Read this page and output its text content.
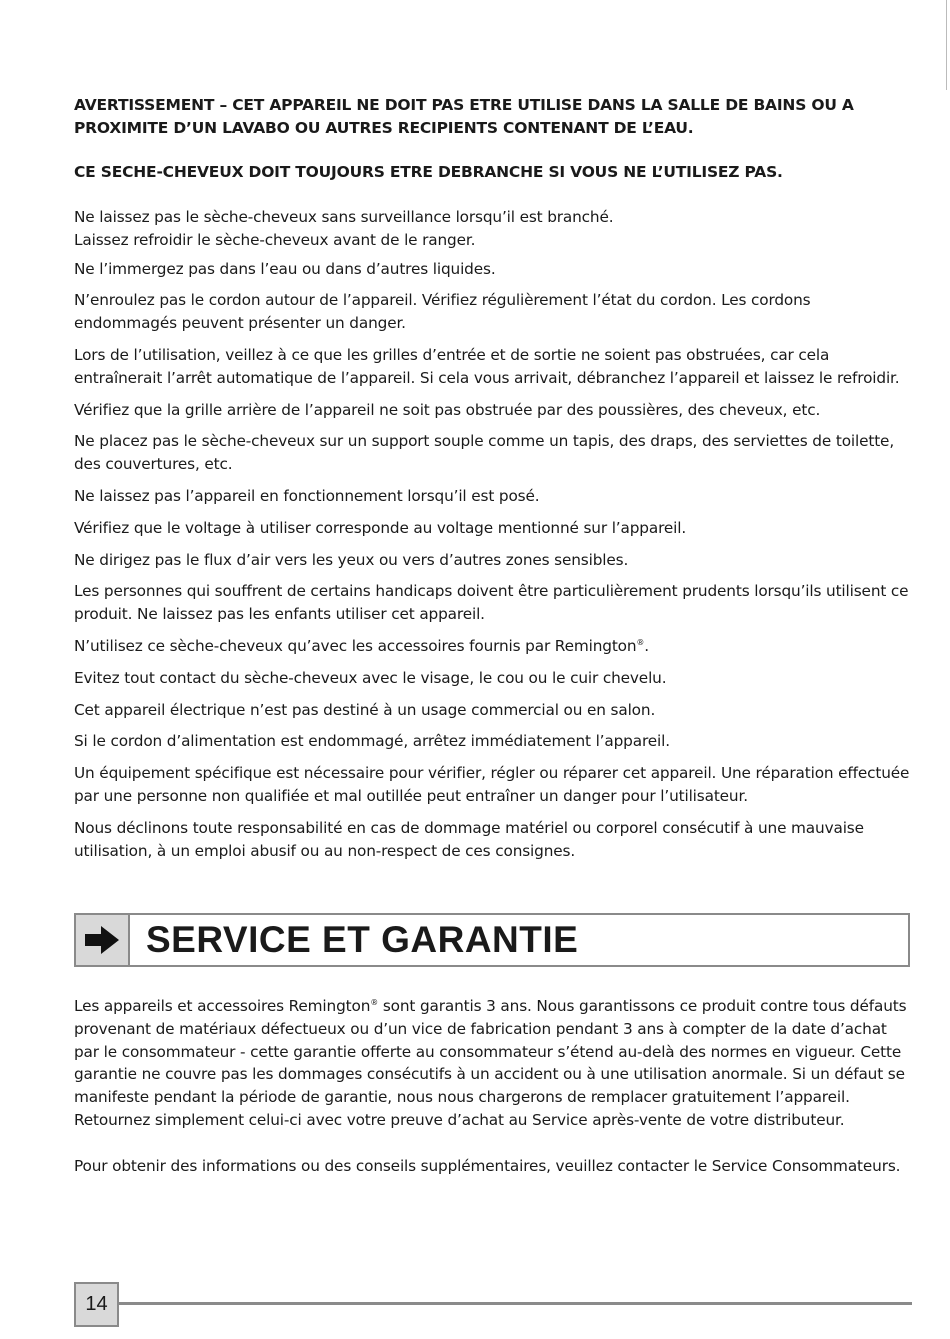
AVERTISSEMENT – CET APPAREIL NE DOIT PAS ETRE UTILISE DANS LA SALLE DE BAINS OU A PROXIMITE D’UN LAVABO OU AUTRES RECIPIENTS CONTENANT DE L’EAU.

CE SECHE-CHEVEUX DOIT TOUJOURS ETRE DEBRANCHE SI VOUS NE L’UTILISEZ PAS.

Ne laissez pas le sèche-cheveux sans surveillance lorsqu’il est branché.
Laissez refroidir le sèche-cheveux avant de le ranger.

Ne l’immergez pas dans l’eau ou dans d’autres liquides.

N’enroulez pas le cordon autour de l’appareil. Vérifiez régulièrement l’état du cordon. Les cordons endommagés peuvent présenter un danger.

Lors de l’utilisation, veillez à ce que les grilles d’entrée et de sortie ne soient pas obstruées, car cela entraînerait l’arrêt automatique de l’appareil. Si cela vous arrivait, débranchez l’appareil et laissez le refroidir.

Vérifiez que la grille arrière de l’appareil ne soit pas obstruée par des poussières, des cheveux, etc.

Ne placez pas le sèche-cheveux sur un support souple comme un tapis, des draps, des serviettes de toilette, des couvertures, etc.

Ne laissez pas l’appareil en fonctionnement lorsqu’il est posé.

Vérifiez que le voltage à utiliser corresponde au voltage mentionné sur l’appareil.

Ne dirigez pas le flux d’air vers les yeux ou vers d’autres zones sensibles.

Les personnes qui souffrent de certains handicaps doivent être particulièrement prudents lorsqu’ils utilisent ce produit. Ne laissez pas les enfants utiliser cet appareil.

N’utilisez ce sèche-cheveux qu’avec les accessoires fournis par Remington®.

Evitez tout contact du sèche-cheveux avec le visage, le cou ou le cuir chevelu.

Cet appareil électrique n’est pas destiné à un usage commercial ou en salon.

Si le cordon d’alimentation est endommagé, arrêtez immédiatement l’appareil.

Un équipement spécifique est nécessaire pour vérifier, régler ou réparer cet appareil. Une réparation effectuée par une personne non qualifiée et mal outillée peut entraîner un danger pour l’utilisateur.

Nous déclinons toute responsabilité en cas de dommage matériel ou corporel consécutif à une mauvaise utilisation, à un emploi abusif ou au non-respect de ces consignes.

SERVICE ET GARANTIE

Les appareils et accessoires Remington® sont garantis 3 ans. Nous garantissons ce produit contre tous défauts provenant de matériaux défectueux ou d’un vice de fabrication pendant 3 ans à compter de la date d’achat par le consommateur - cette garantie offerte au consommateur s’étend au-delà des normes en vigueur. Cette garantie ne couvre pas les dommages consécutifs à un accident ou à une utilisation anormale. Si un défaut se manifeste pendant la période de garantie, nous nous chargerons de remplacer gratuitement l’appareil. Retournez simplement celui-ci avec votre preuve d’achat au Service après-vente de votre distributeur.

Pour obtenir des informations ou des conseils supplémentaires, veuillez contacter le Service Consommateurs.

14
